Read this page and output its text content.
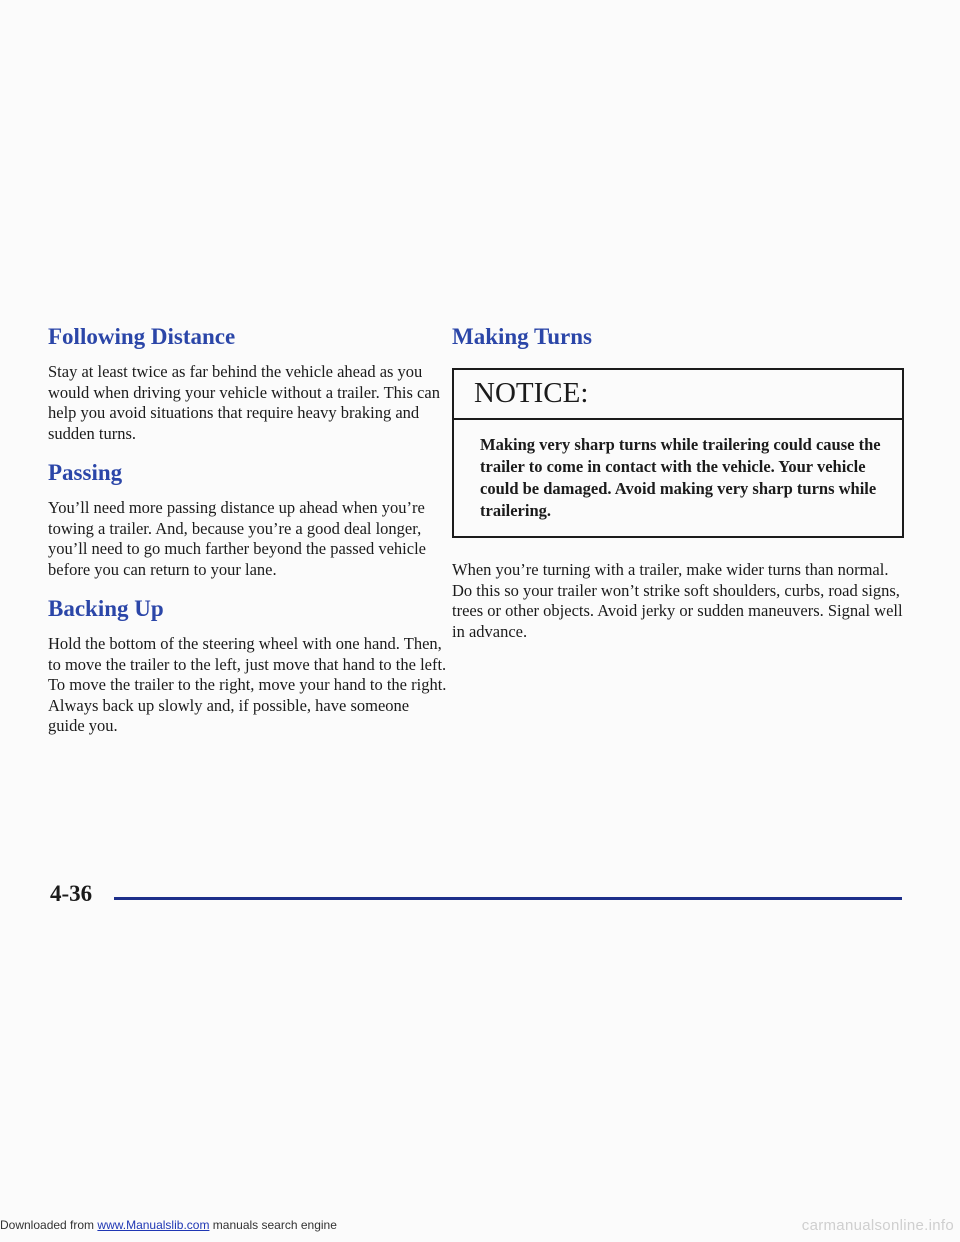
Following Distance

Stay at least twice as far behind the vehicle ahead as you would when driving your vehicle without a trailer. This can help you avoid situations that require heavy braking and sudden turns.

Passing

You’ll need more passing distance up ahead when you’re towing a trailer. And, because you’re a good deal longer, you’ll need to go much farther beyond the passed vehicle before you can return to your lane.

Backing Up

Hold the bottom of the steering wheel with one hand. Then, to move the trailer to the left, just move that hand to the left. To move the trailer to the right, move your hand to the right. Always back up slowly and, if possible, have someone guide you.

Making Turns
NOTICE:
Making very sharp turns while trailering could cause the trailer to come in contact with the vehicle. Your vehicle could be damaged. Avoid making very sharp turns while trailering.

When you’re turning with a trailer, make wider turns than normal. Do this so your trailer won’t strike soft shoulders, curbs, road signs, trees or other objects. Avoid jerky or sudden maneuvers. Signal well in advance.

4-36
Downloaded from www.Manualslib.com manuals search engine	carmanualsonline.info
